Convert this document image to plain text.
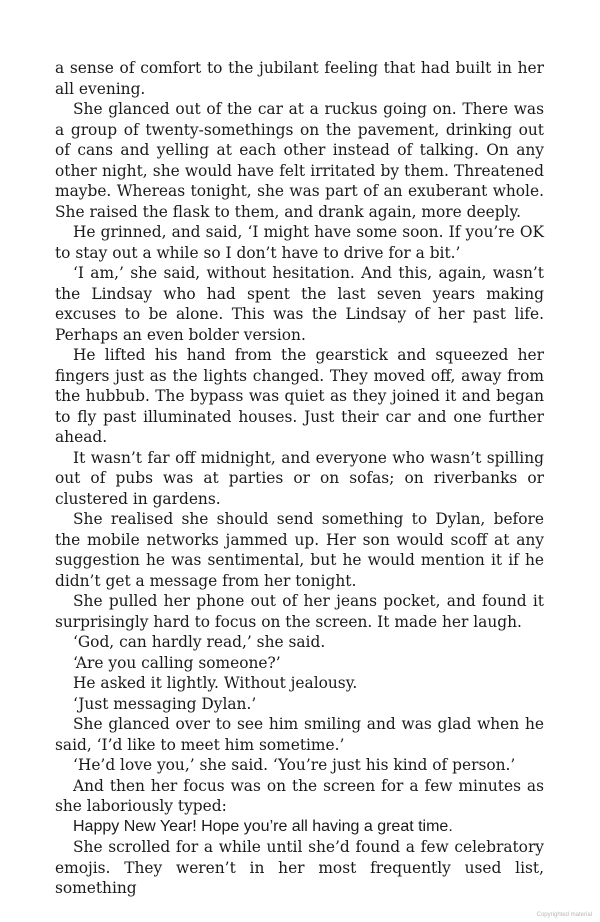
a sense of comfort to the jubilant feeling that had built in her all evening.

She glanced out of the car at a ruckus going on. There was a group of twenty-somethings on the pavement, drinking out of cans and yelling at each other instead of talking. On any other night, she would have felt irritated by them. Threatened maybe. Whereas tonight, she was part of an exuberant whole. She raised the flask to them, and drank again, more deeply.

He grinned, and said, ‘I might have some soon. If you’re OK to stay out a while so I don’t have to drive for a bit.’

‘I am,’ she said, without hesitation. And this, again, wasn’t the Lindsay who had spent the last seven years making excuses to be alone. This was the Lindsay of her past life. Perhaps an even bolder version.

He lifted his hand from the gearstick and squeezed her fingers just as the lights changed. They moved off, away from the hubbub. The bypass was quiet as they joined it and began to fly past illuminated houses. Just their car and one further ahead.

It wasn’t far off midnight, and everyone who wasn’t spilling out of pubs was at parties or on sofas; on riverbanks or clustered in gardens.

She realised she should send something to Dylan, before the mobile networks jammed up. Her son would scoff at any suggestion he was sentimental, but he would mention it if he didn’t get a message from her tonight.

She pulled her phone out of her jeans pocket, and found it surprisingly hard to focus on the screen. It made her laugh.

‘God, can hardly read,’ she said.

‘Are you calling someone?’

He asked it lightly. Without jealousy.

‘Just messaging Dylan.’

She glanced over to see him smiling and was glad when he said, ‘I’d like to meet him sometime.’

‘He’d love you,’ she said. ‘You’re just his kind of person.’

And then her focus was on the screen for a few minutes as she laboriously typed:

Happy New Year! Hope you’re all having a great time.

She scrolled for a while until she’d found a few celebratory emojis. They weren’t in her most frequently used list, something

Copyrighted material
